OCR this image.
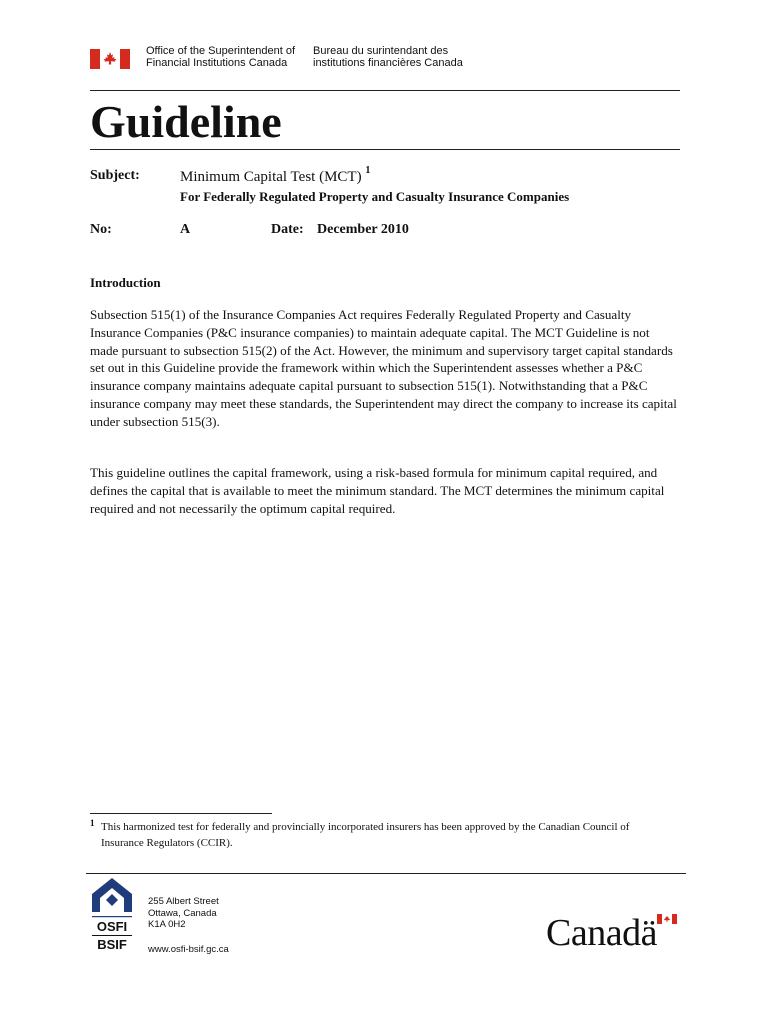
Office of the Superintendent of
Financial Institutions Canada
Bureau du surintendant des
institutions financières Canada
Guideline
Subject:	Minimum Capital Test (MCT) $^1$
For Federally Regulated Property and Casualty Insurance Companies
No:	A	Date: December 2010
Introduction

Subsection 515(1) of the Insurance Companies Act requires Federally Regulated Property and Casualty Insurance Companies (P&C insurance companies) to maintain adequate capital. The MCT Guideline is not made pursuant to subsection 515(2) of the Act. However, the minimum and supervisory target capital standards set out in this Guideline provide the framework within which the Superintendent assesses whether a P&C insurance company maintains adequate capital pursuant to subsection 515(1). Notwithstanding that a P&C insurance company may meet these standards, the Superintendent may direct the company to increase its capital under subsection 515(3).

This guideline outlines the capital framework, using a risk-based formula for minimum capital required, and defines the capital that is available to meet the minimum standard. The MCT determines the minimum capital required and not necessarily the optimum capital required.

1 This harmonized test for federally and provincially incorporated insurers has been approved by the Canadian Council of Insurance Regulators (CCIR).

OSFI
BSIF
255 Albert Street
Ottawa, Canada
K1A 0H2
www.osfi-bsif.gc.ca	Canadä
